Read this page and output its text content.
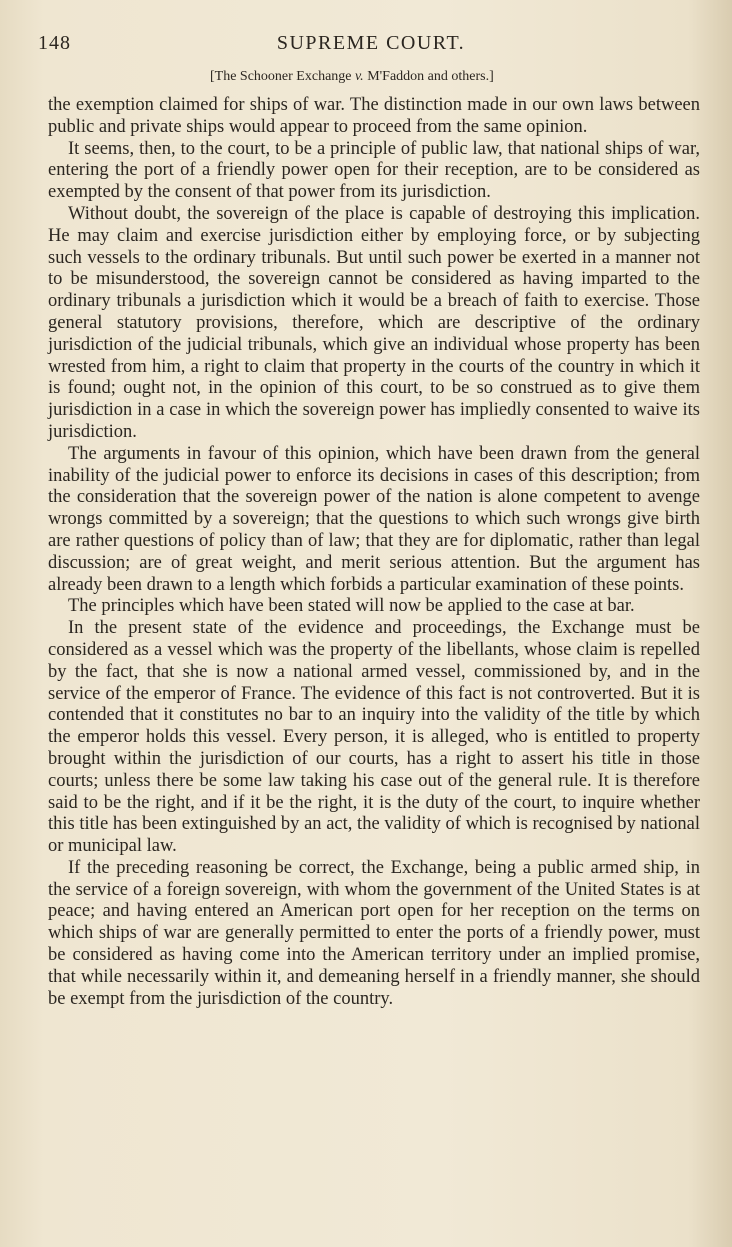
148	SUPREME COURT.
[The Schooner Exchange v. M'Faddon and others.]

the exemption claimed for ships of war. The distinction made in our own laws between public and private ships would appear to proceed from the same opinion.

It seems, then, to the court, to be a principle of public law, that national ships of war, entering the port of a friendly power open for their reception, are to be considered as exempted by the consent of that power from its jurisdiction.

Without doubt, the sovereign of the place is capable of destroying this implication. He may claim and exercise jurisdiction either by employing force, or by subjecting such vessels to the ordinary tribunals. But until such power be exerted in a manner not to be misunderstood, the sovereign cannot be considered as having imparted to the ordinary tribunals a jurisdiction which it would be a breach of faith to exercise. Those general statutory provisions, therefore, which are descriptive of the ordinary jurisdiction of the judicial tribunals, which give an individual whose property has been wrested from him, a right to claim that property in the courts of the country in which it is found; ought not, in the opinion of this court, to be so construed as to give them jurisdiction in a case in which the sovereign power has impliedly consented to waive its jurisdiction.

The arguments in favour of this opinion, which have been drawn from the general inability of the judicial power to enforce its decisions in cases of this description; from the consideration that the sovereign power of the nation is alone competent to avenge wrongs committed by a sovereign; that the questions to which such wrongs give birth are rather questions of policy than of law; that they are for diplomatic, rather than legal discussion; are of great weight, and merit serious attention. But the argument has already been drawn to a length which forbids a particular examination of these points.

The principles which have been stated will now be applied to the case at bar.

In the present state of the evidence and proceedings, the Exchange must be considered as a vessel which was the property of the libellants, whose claim is repelled by the fact, that she is now a national armed vessel, commissioned by, and in the service of the emperor of France. The evidence of this fact is not controverted. But it is contended that it constitutes no bar to an inquiry into the validity of the title by which the emperor holds this vessel. Every person, it is alleged, who is entitled to property brought within the jurisdiction of our courts, has a right to assert his title in those courts; unless there be some law taking his case out of the general rule. It is therefore said to be the right, and if it be the right, it is the duty of the court, to inquire whether this title has been extinguished by an act, the validity of which is recognised by national or municipal law.

If the preceding reasoning be correct, the Exchange, being a public armed ship, in the service of a foreign sovereign, with whom the government of the United States is at peace; and having entered an American port open for her reception on the terms on which ships of war are generally permitted to enter the ports of a friendly power, must be considered as having come into the American territory under an implied promise, that while necessarily within it, and demeaning herself in a friendly manner, she should be exempt from the jurisdiction of the country.
